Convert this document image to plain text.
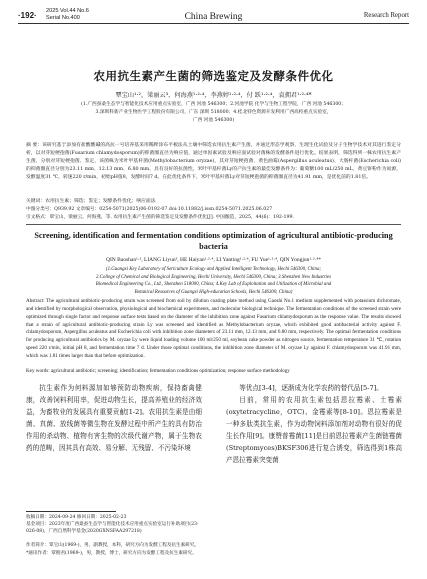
·192· 2025 Vol.44 No.6
Serial No.400	China Brewing	Research Report
农用抗生素产生菌的筛选鉴定及发酵条件优化
覃宝山¹·²，梁丽云³，何海燕¹·²·⁴，李燕婷¹·²·⁴，付 跃¹·²·⁴，袁拥君¹·²·⁴*
(1.广西蚕桑生态学与智能化技术应用重点实验室，广西 河池 546300；2.河池学院 化学与生物工程学院，广西 河池 546300；
3.深圳科新产业生物医学工程股份有限公司，广东 深圳 518000；4.桂北特色资源开发利用广西高校重点实验室，
广西 河池 546300)
摘 要：该研究基于添加有盐酸酸碱的高抗一号培养基采用稀释涂布平板法从土壤中筛选农用抗生素产生菌，并通过形态学观察、生理生化试验及分子生物学技术对其进行鉴定分析，以对芽短梗孢菌(Fusarium chlamydosporum)的抑菌圈直径为响应值，通过单因素试验及响应面试验对菌株的发酵条件进行优化。结果表明，筛选得到一株农用抗生素产生菌，分别对芽短梗孢菌、鉴定，该菌株为米叶甲基杆菌(Methylobacterium oryzae)，其对芽短梗孢菌、黄色曲霉(Aspergillus aculeatus)、大肠杆菌(Escherichia coli)的抑菌圈直径分别为23.11 mm、12.13 mm、6.80 mm，具有良好的抗菌性。米叶甲基杆菌Ly的产抗生素的最佳发酵条件为：葡萄糖100 mL/250 mL，黄豆饼粉作为氮源，发酵温度31 ℃，转速220 r/min，初始pH值8，发酵时间7 d。在此优化条件下，米叶甲基杆菌Ly对芽短梗孢菌的抑菌圈直径为41.91 mm，是优化前的1.81倍。
关键词：农用抗生素；筛选；鉴定；发酵条件优化；响应面法
中图分类号：Q939.92 文章编号：0254-5071(2025)06-0192-07 doi:10.11882/j.issn.0254-5071.2025.06.027
引文格式：覃宝山，梁丽云，何海燕，等. 农用抗生素产生菌的筛选鉴定及发酵条件优化[J]. 中国酿造，2025，44(6)：192-199.
Screening, identification and fermentation conditions optimization of agricultural antibiotic-producing bacteria
QIN Baoshan¹·², LIANG Liyun³, HE Haiyan¹·²·⁴, LI Yanting¹·²·⁴, FU Yue¹·²·⁴, QIN Yongjun¹·²·⁴*
(1.Guangxi Key Laboratory of Sericulture Ecology and Applied Intelligent Technology, Hechi 546300, China;
2.College of Chemical and Biological Engineering, Hechi University, Hechi 546300, China; 3.Shenzhen New Industries
Biomedical Engineering Co., Ltd., Shenzhen 518000, China; 4.Key Lab of Exploitation and Utilization of Microbial and
Botanical Resources of Guangxi High-education Schools, Hechi 546300, China)
Abstract: The agricultural antibiotic-producing strain was screened from soil by dilution coating plate method using Gaoshi No.1 medium supplemented with potassium dichromate, and identified by morphological observation, physiological and biochemical experiments, and molecular biological technique. The fermentation conditions of the screened strain were optimized through single factor and response surface tests based on the diameter of the inhibition zone against Fusarium chlamydosporum as the response value. The results showed that a strain of agricultural antibiotic-producing strain Ly was screened and identified as Methylobacterium oryzae, which exhibited good antibacterial activity against F. chlamydosporum, Aspergillus aculeatus and Escherichia coli with inhibition zone diameters of 23.11 mm, 12.13 mm, and 6.80 mm, respectively. The optimal fermentation conditions for producing agricultural antibiotics by M. oryzae Ly were liquid loading volume 100 ml/250 ml, soybean cake powder as nitrogen source, fermentation temperature 31 ℃, rotation speed 220 r/min, initial pH 8, and fermentation time 7 d. Under those optimal conditions, the inhibition zone diameter of M. oryzae Ly against F. chlamydosporum was 41.91 mm, which was 1.81 times larger than that before optimization.
Key words: agricultural antibiotic; screening; identification; fermentation conditions optimization; response surface methodology

抗生素作为何料源加如够预防动物疾病，保持畜禽健康，改善饲料利用率，促进动物生长，提高养殖业的经济效益，为畜牧业的发展具有重要贡献[1-2]。农用抗生素是由细菌、真菌、放线菌等微生物在发酵过程中所产生的具有防治作用的杀动物、植物有害生物的次级代谢产物，属于生物农药的范畴，因其具有高效、易分解、无残留、不污染环境

等优点[3-4]，逐渐成为化学农药的替代品[5-7]。

目前，常用的农用抗生素包括恩拉霉素、土霉素(oxytetracycline，OTC)、金霉素等[8-10]。恩拉霉素是一种多肽类抗生素，作为动物饲料添加剂对动物有很好的促生长作用[9]。康赞普霉菌[11]是目前恩拉霉素产生菌链霉菌(Streptomyces)BKSF306进行复合诱变，筛选得到1株高产恩拉霉素突变菌

收稿日期：2024-09-24 修回日期：2025-02-23
基金项目：2023年度广西桑蚕生态学与智能化技术应用重点实验室运行补助项目(23-026-08)，广西自然科学基金(2020GXNSFAA297218)
作者简介：覃宝山(1969-)，男，副教授，本科，研究方向为发酵工程及抗生素研究。
*通讯作者：覃拥君(1969-)，男，教授，博士，研究方向为发酵工程及抗生素研究。
